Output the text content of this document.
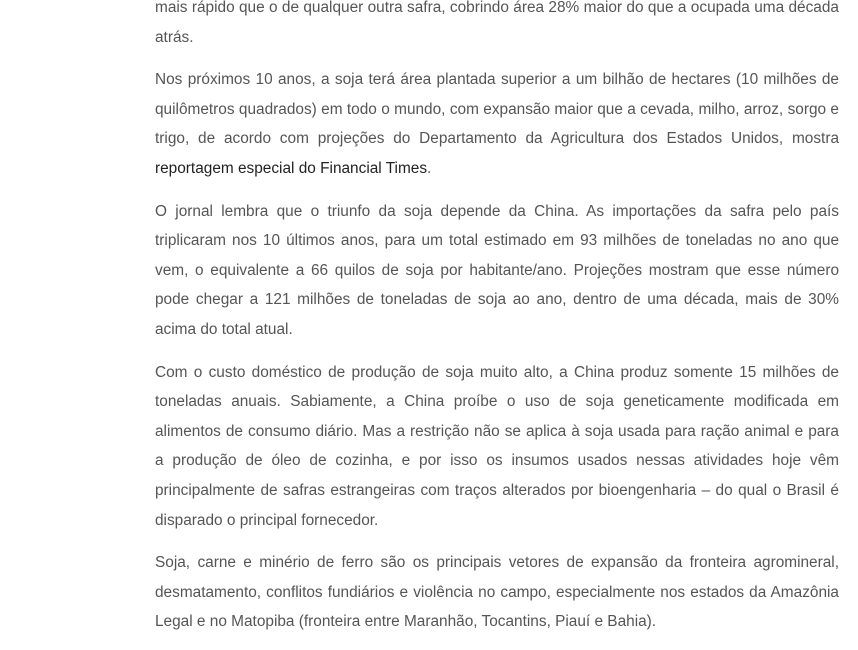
mais rápido que o de qualquer outra safra, cobrindo área 28% maior do que a ocupada uma década atrás.

Nos próximos 10 anos, a soja terá área plantada superior a um bilhão de hectares (10 milhões de quilômetros quadrados) em todo o mundo, com expansão maior que a cevada, milho, arroz, sorgo e trigo, de acordo com projeções do Departamento da Agricultura dos Estados Unidos, mostra reportagem especial do Financial Times.

O jornal lembra que o triunfo da soja depende da China. As importações da safra pelo país triplicaram nos 10 últimos anos, para um total estimado em 93 milhões de toneladas no ano que vem, o equivalente a 66 quilos de soja por habitante/ano. Projeções mostram que esse número pode chegar a 121 milhões de toneladas de soja ao ano, dentro de uma década, mais de 30% acima do total atual.

Com o custo doméstico de produção de soja muito alto, a China produz somente 15 milhões de toneladas anuais. Sabiamente, a China proíbe o uso de soja geneticamente modificada em alimentos de consumo diário. Mas a restrição não se aplica à soja usada para ração animal e para a produção de óleo de cozinha, e por isso os insumos usados nessas atividades hoje vêm principalmente de safras estrangeiras com traços alterados por bioengenharia – do qual o Brasil é disparado o principal fornecedor.

Soja, carne e minério de ferro são os principais vetores de expansão da fronteira agromineral, desmatamento, conflitos fundiários e violência no campo, especialmente nos estados da Amazônia Legal e no Matopiba (fronteira entre Maranhão, Tocantins, Piauí e Bahia).
